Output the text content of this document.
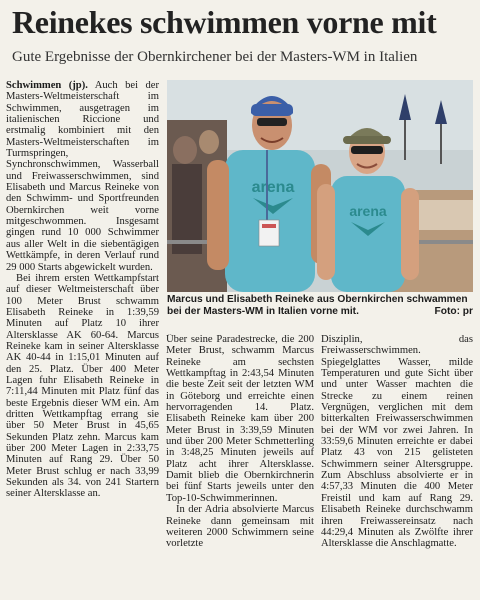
Reinekes schwimmen vorne mit
Gute Ergebnisse der Obernkirchener bei der Masters-WM in Italien

Schwimmen (jp). Auch bei der Masters-Weltmeisterschaft im Schwimmen, ausgetragen im italienischen Riccione und erstmalig kombiniert mit den Masters-Weltmeisterschaften im Turmspringen, Synchronschwimmen, Wasserball und Freiwasserschwimmen, sind Elisabeth und Marcus Reineke von den Schwimm- und Sportfreunden Obernkirchen weit vorne mitgeschwommen. Insgesamt gingen rund 10 000 Schwimmer aus aller Welt in die siebentägigen Wettkämpfe, in deren Verlauf rund 29 000 Starts abgewickelt wurden.

Bei ihrem ersten Wettkampfstart auf dieser Weltmeisterschaft über 100 Meter Brust schwamm Elisabeth Reineke in 1:39,59 Minuten auf Platz 10 ihrer Altersklasse AK 60-64. Marcus Reineke kam in seiner Altersklasse AK 40-44 in 1:15,01 Minuten auf den 25. Platz. Über 400 Meter Lagen fuhr Elisabeth Reineke in 7:11,44 Minuten mit Platz fünf das beste Ergebnis dieser WM ein. Am dritten Wettkampftag errang sie über 50 Meter Brust in 45,65 Sekunden Platz zehn. Marcus kam über 200 Meter Lagen in 2:33,75 Minuten auf Rang 29. Über 50 Meter Brust schlug er nach 33,99 Sekunden als 34. von 241 Startern seiner Altersklasse an.

arena
arena
Marcus und Elisabeth Reineke aus Obernkirchen schwammen bei der Masters-WM in Italien vorne mit.	Foto: pr

Über seine Paradestrecke, die 200 Meter Brust, schwamm Marcus Reineke am sechsten Wettkampftag in 2:43,54 Minuten die beste Zeit seit der letzten WM in Göteborg und erreichte einen hervorragenden 14. Platz. Elisabeth Reineke kam über 200 Meter Brust in 3:39,59 Minuten und über 200 Meter Schmetterling in 3:48,25 Minuten jeweils auf Platz acht ihrer Altersklasse. Damit blieb die Obernkirchnerin bei fünf Starts jeweils unter den Top-10-Schwimmerinnen.

In der Adria absolvierte Marcus Reineke dann gemeinsam mit weiteren 2000 Schwimmern seine vorletzte

Disziplin, das Freiwasserschwimmen. Spiegelglattes Wasser, milde Temperaturen und gute Sicht über und unter Wasser machten die Strecke zu einem reinen Vergnügen, verglichen mit dem bitterkalten Freiwasserschwimmen bei der WM vor zwei Jahren. In 33:59,6 Minuten erreichte er dabei Platz 43 von 215 gelisteten Schwimmern seiner Altersgruppe. Zum Abschluss absolvierte er in 4:57,33 Minuten die 400 Meter Freistil und kam auf Rang 29. Elisabeth Reineke durchschwamm ihren Freiwassereinsatz nach 44:29,4 Minuten als Zwölfte ihrer Altersklasse die Anschlagmatte.
